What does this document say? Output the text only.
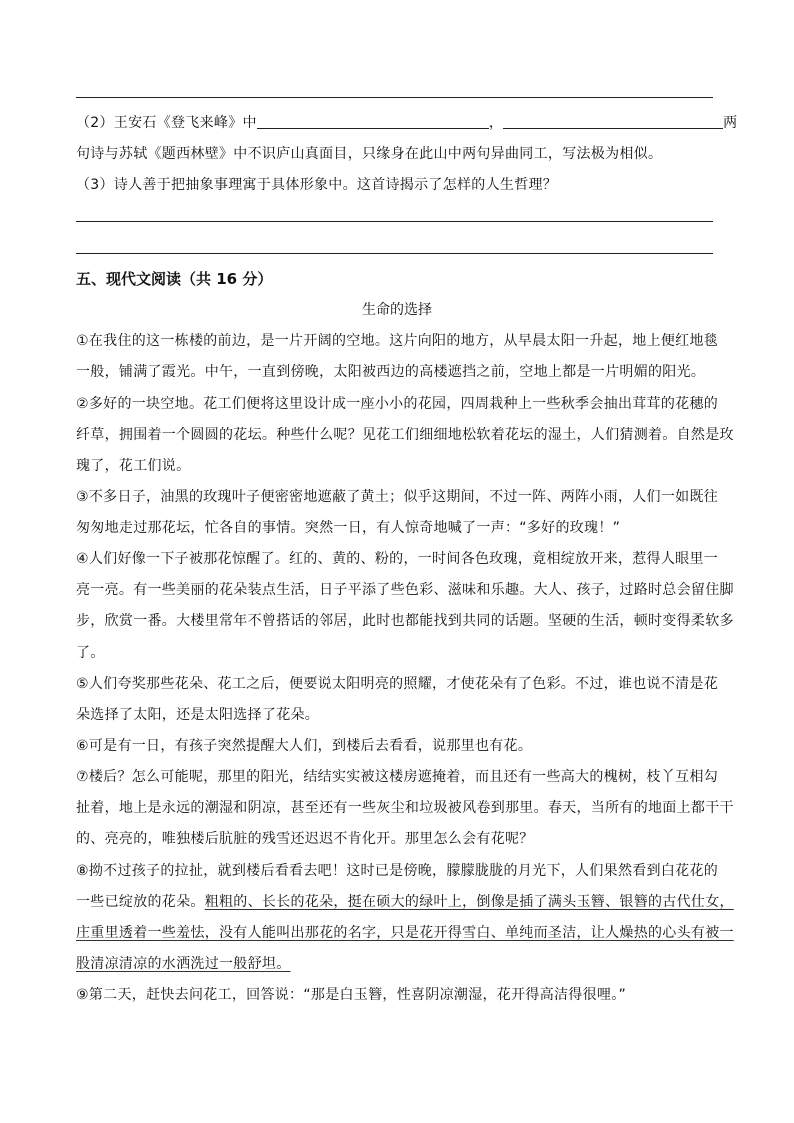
（2）王安石《登飞来峰》中	，	两
句诗与苏轼《题西林壁》中不识庐山真面目，只缘身在此山中两句异曲同工，写法极为相似。
（3）诗人善于把抽象事理寓于具体形象中。这首诗揭示了怎样的人生哲理？
五、现代文阅读（共 16 分）
生命的选择
①在我住的这一栋楼的前边，是一片开阔的空地。这片向阳的地方，从早晨太阳一升起，地上便红地毯
一般，铺满了霞光。中午，一直到傍晚，太阳被西边的高楼遮挡之前，空地上都是一片明媚的阳光。
②多好的一块空地。花工们便将这里设计成一座小小的花园，四周栽种上一些秋季会抽出茸茸的花穗的
纤草，拥围着一个圆圆的花坛。种些什么呢？见花工们细细地松软着花坛的湿土，人们猜测着。自然是玫
瑰了，花工们说。
③不多日子，油黑的玫瑰叶子便密密地遮蔽了黄土；似乎这期间，不过一阵、两阵小雨，人们一如既往
匆匆地走过那花坛，忙各自的事情。突然一日，有人惊奇地喊了一声：“多好的玫瑰！”
④人们好像一下子被那花惊醒了。红的、黄的、粉的，一时间各色玫瑰，竟相绽放开来，惹得人眼里一
亮一亮。有一些美丽的花朵装点生活，日子平添了些色彩、滋味和乐趣。大人、孩子，过路时总会留住脚
步，欣赏一番。大楼里常年不曾搭话的邻居，此时也都能找到共同的话题。坚硬的生活，顿时变得柔软多
了。
⑤人们夸奖那些花朵、花工之后，便要说太阳明亮的照耀，才使花朵有了色彩。不过，谁也说不清是花
朵选择了太阳，还是太阳选择了花朵。
⑥可是有一日，有孩子突然提醒大人们，到楼后去看看，说那里也有花。
⑦楼后？怎么可能呢，那里的阳光，结结实实被这楼房遮掩着，而且还有一些高大的槐树，枝丫互相勾
扯着，地上是永远的潮湿和阴凉，甚至还有一些灰尘和垃圾被风卷到那里。春天，当所有的地面上都干干
的、亮亮的，唯独楼后肮脏的残雪还迟迟不肯化开。那里怎么会有花呢？
⑧拗不过孩子的拉扯，就到楼后看看去吧！这时已是傍晚，朦朦胧胧的月光下，人们果然看到白花花的
一些已绽放的花朵。粗粗的、长长的花朵，挺在硕大的绿叶上，倒像是插了满头玉簪、银簪的古代仕女，
庄重里透着一些羞怯，没有人能叫出那花的名字，只是花开得雪白、单纯而圣洁，让人燥热的心头有被一
股清凉清凉的水洒洗过一般舒坦。
⑨第二天，赶快去问花工，回答说：“那是白玉簪，性喜阴凉潮湿，花开得高洁得很哩。”
